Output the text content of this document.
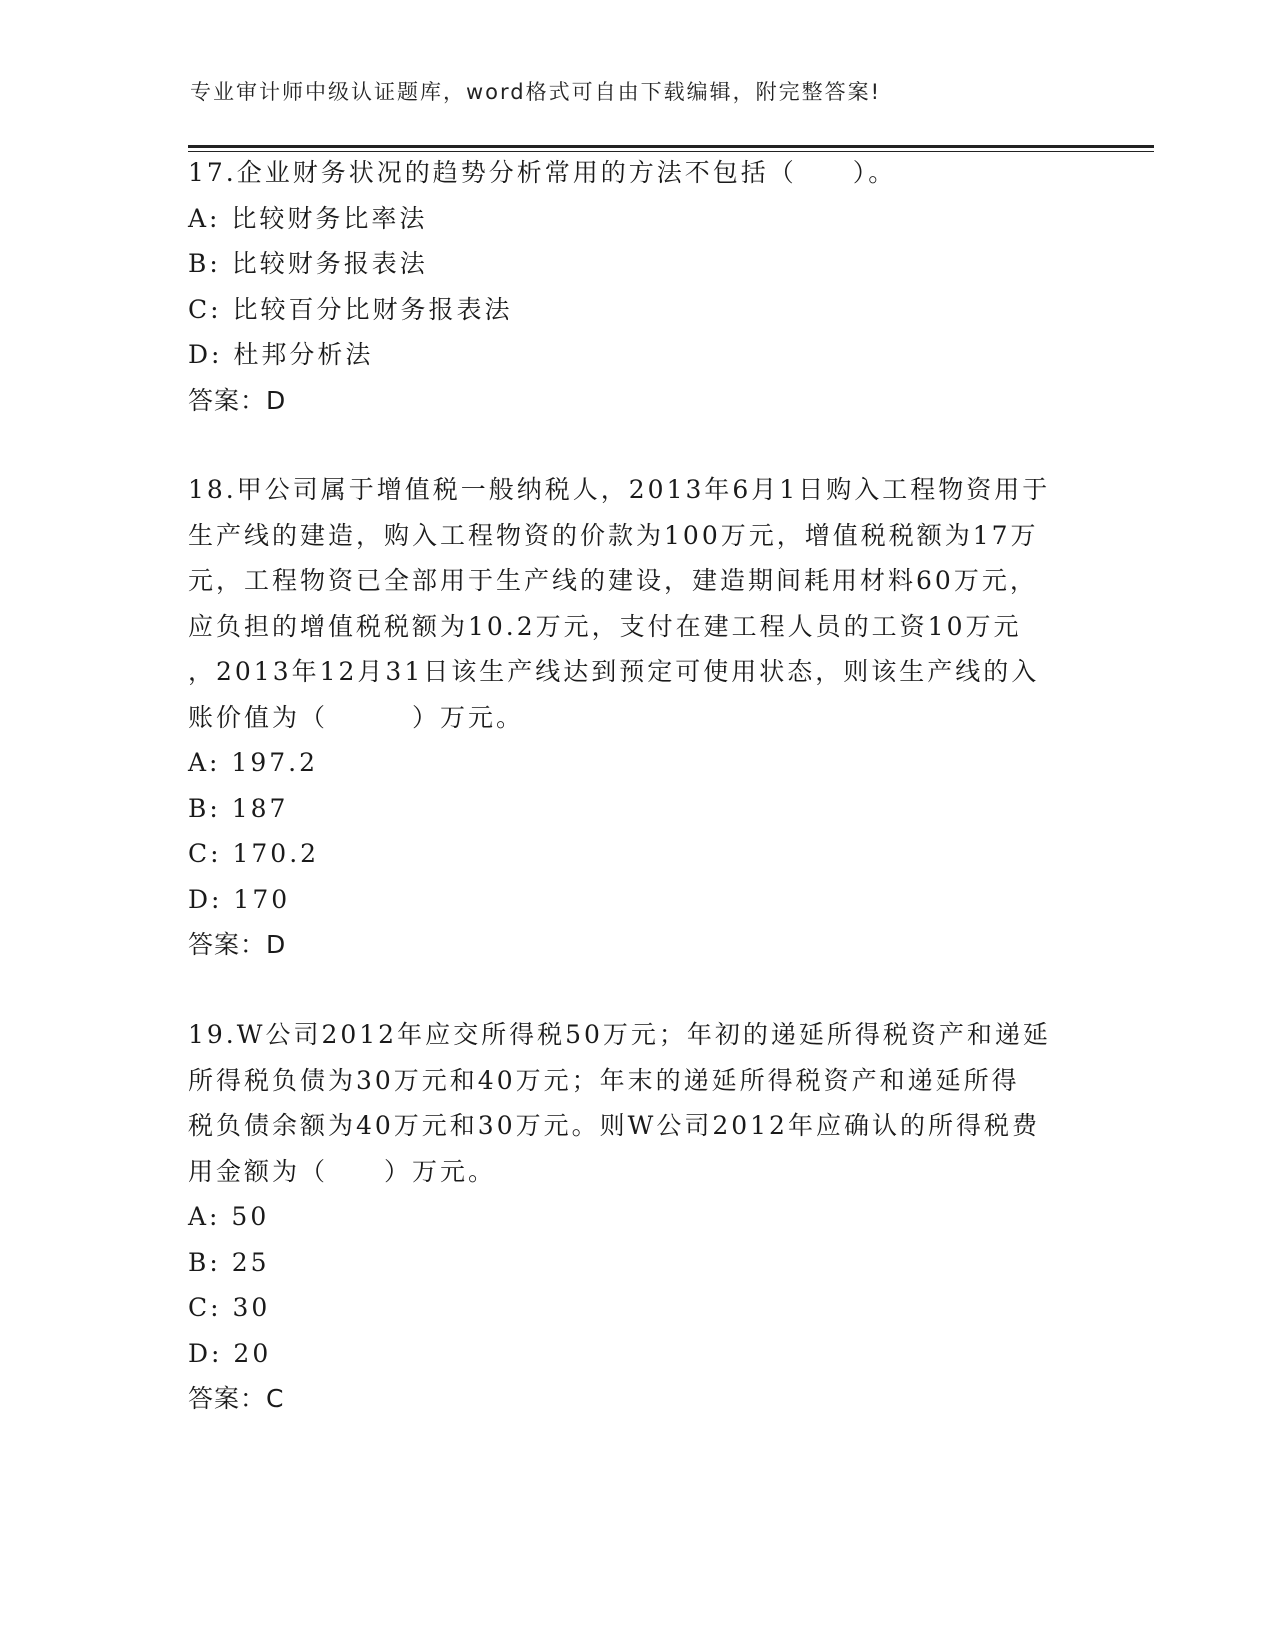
专业审计师中级认证题库，word格式可自由下载编辑，附完整答案!

17.企业财务状况的趋势分析常用的方法不包括（　　）。

A: 比较财务比率法

B: 比较财务报表法

C: 比较百分比财务报表法

D: 杜邦分析法

答案：D

18.甲公司属于增值税一般纳税人，2013年6月1日购入工程物资用于

生产线的建造，购入工程物资的价款为100万元，增值税税额为17万

元，工程物资已全部用于生产线的建设，建造期间耗用材料60万元，

应负担的增值税税额为10.2万元，支付在建工程人员的工资10万元

，2013年12月31日该生产线达到预定可使用状态，则该生产线的入

账价值为（　　　）万元。

A: 197.2

B: 187

C: 170.2

D: 170

答案：D

19.W公司2012年应交所得税50万元；年初的递延所得税资产和递延

所得税负债为30万元和40万元；年末的递延所得税资产和递延所得

税负债余额为40万元和30万元。则W公司2012年应确认的所得税费

用金额为（　　）万元。

A: 50

B: 25

C: 30

D: 20

答案：C
